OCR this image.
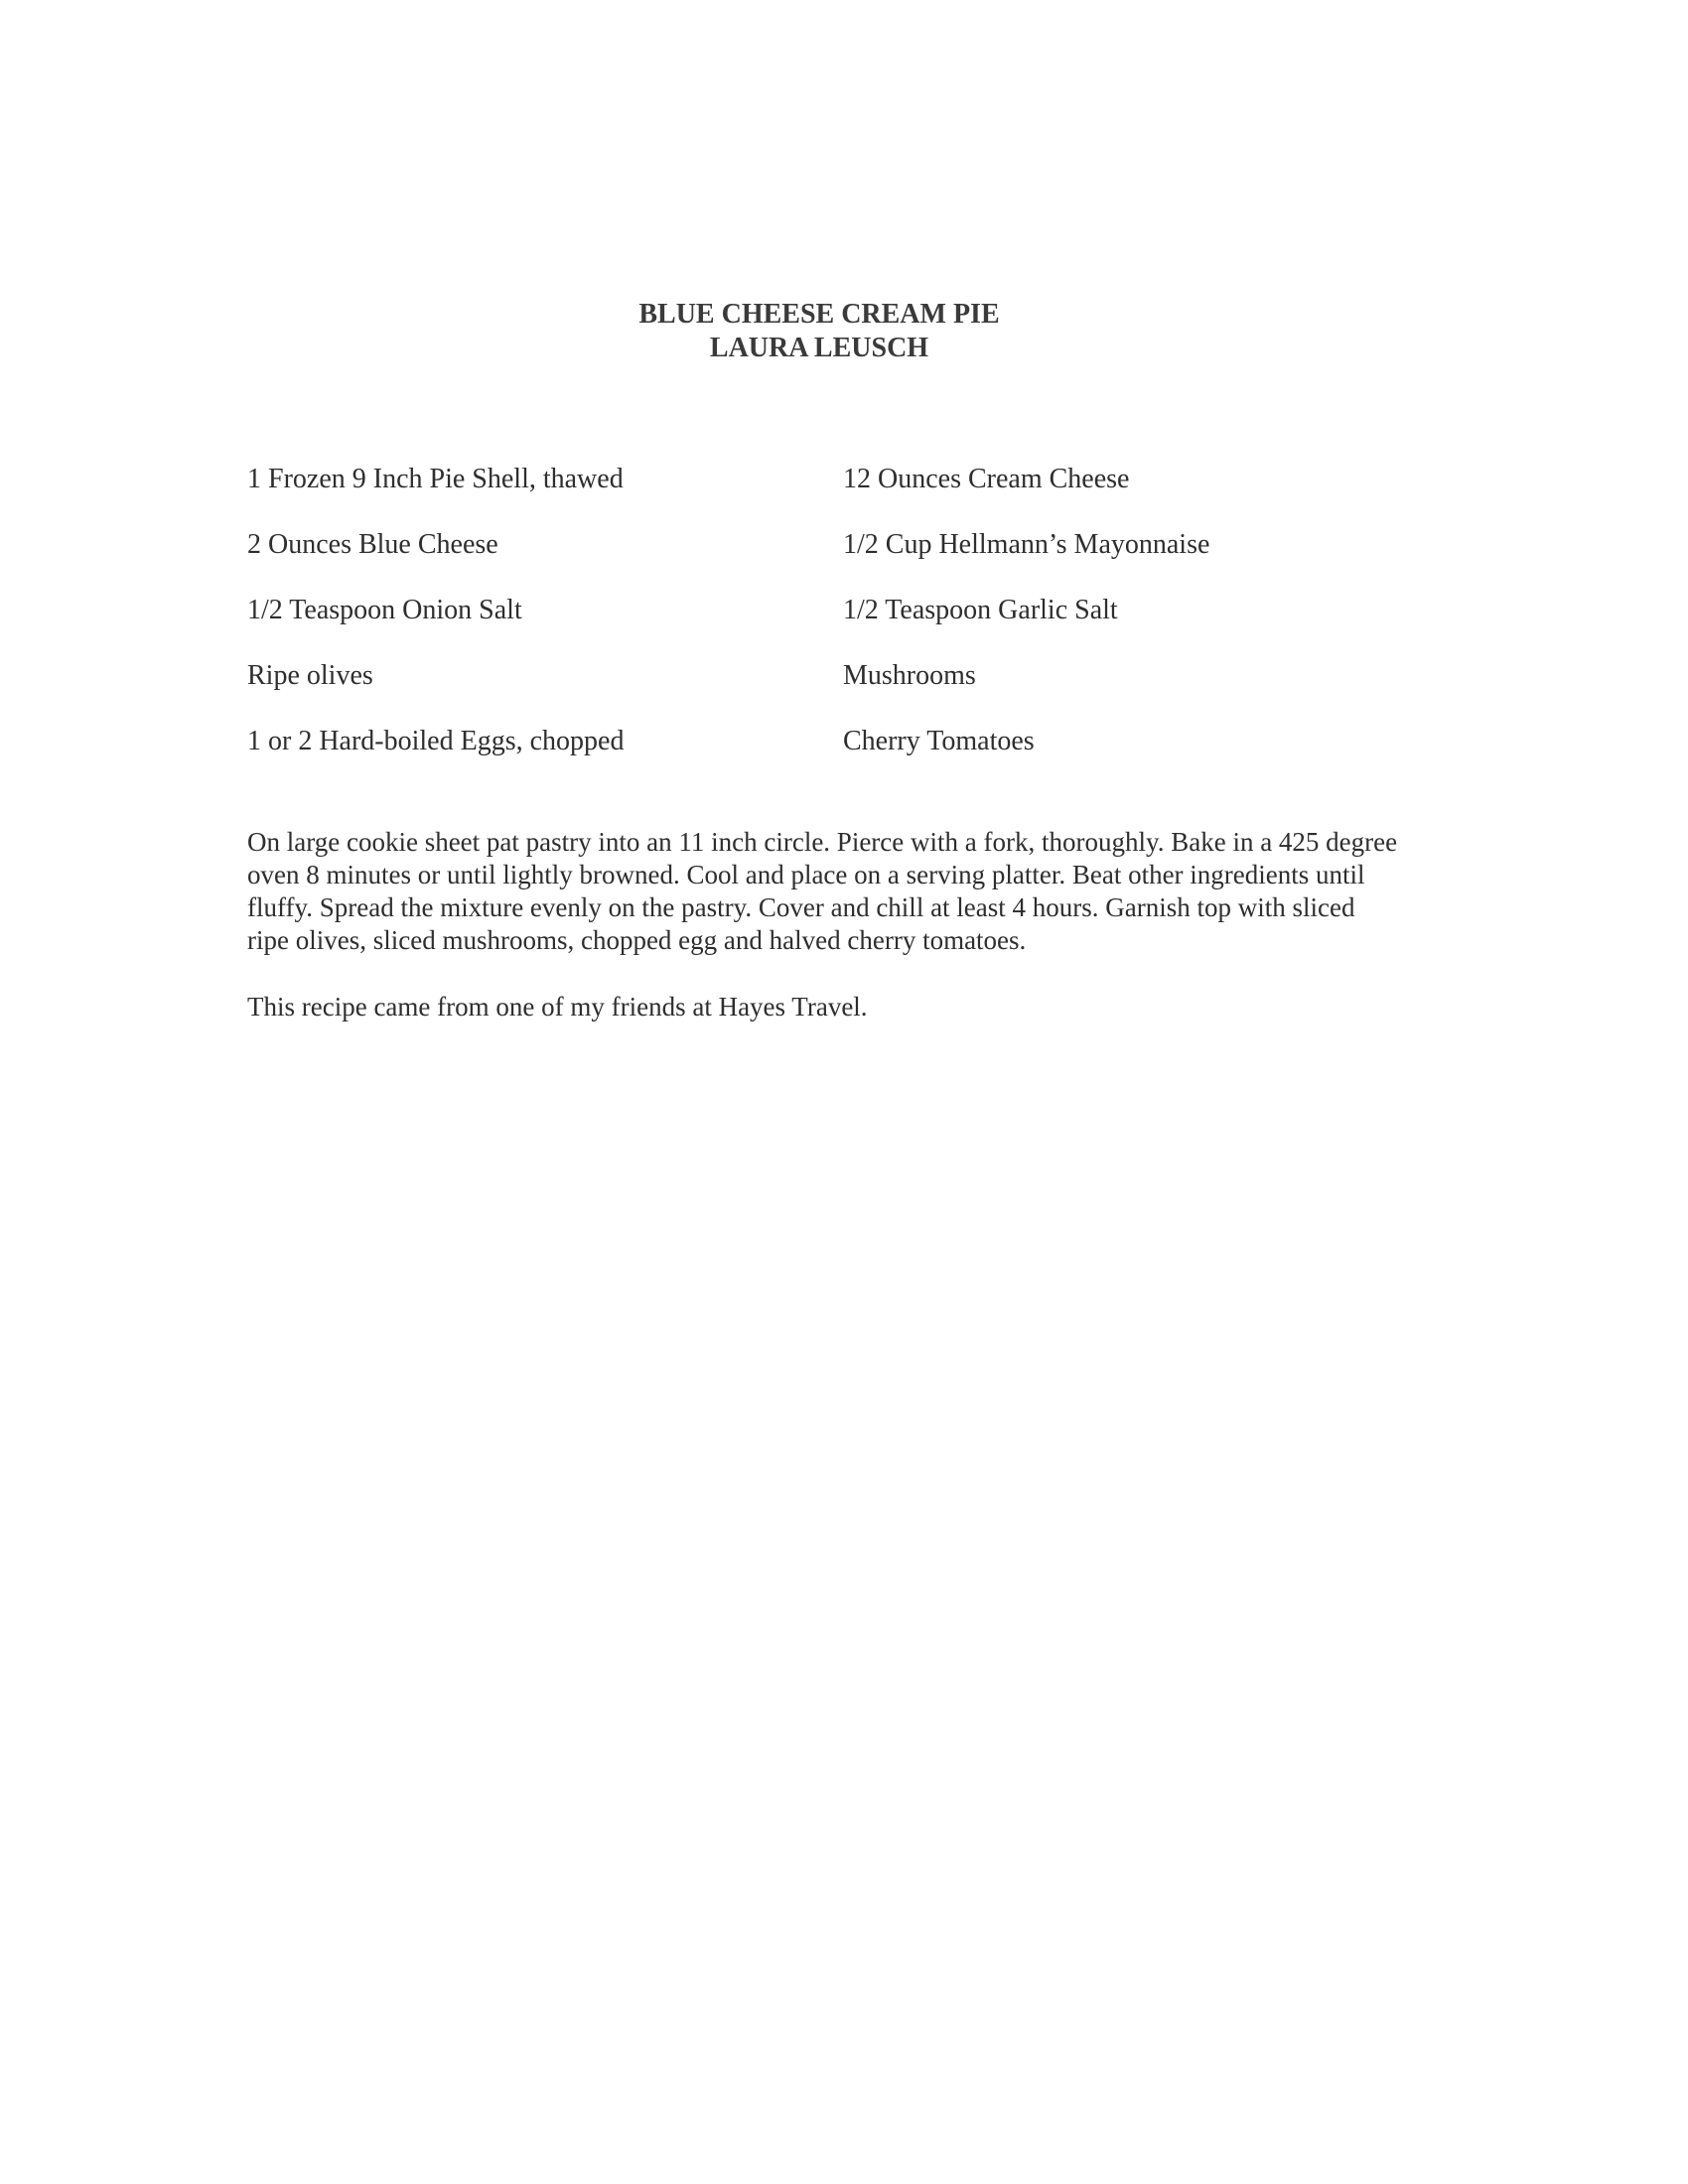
BLUE CHEESE CREAM PIE
LAURA LEUSCH
1 Frozen 9 Inch Pie Shell, thawed	12 Ounces Cream Cheese
2 Ounces Blue Cheese	1/2 Cup Hellmann’s Mayonnaise
1/2 Teaspoon Onion Salt	1/2 Teaspoon Garlic Salt
Ripe olives	Mushrooms
1 or 2 Hard-boiled Eggs, chopped	Cherry Tomatoes

On large cookie sheet pat pastry into an 11 inch circle. Pierce with a fork, thoroughly. Bake in a 425 degree oven 8 minutes or until lightly browned. Cool and place on a serving platter. Beat other ingredients until fluffy. Spread the mixture evenly on the pastry. Cover and chill at least 4 hours. Garnish top with sliced ripe olives, sliced mushrooms, chopped egg and halved cherry tomatoes.

This recipe came from one of my friends at Hayes Travel.
